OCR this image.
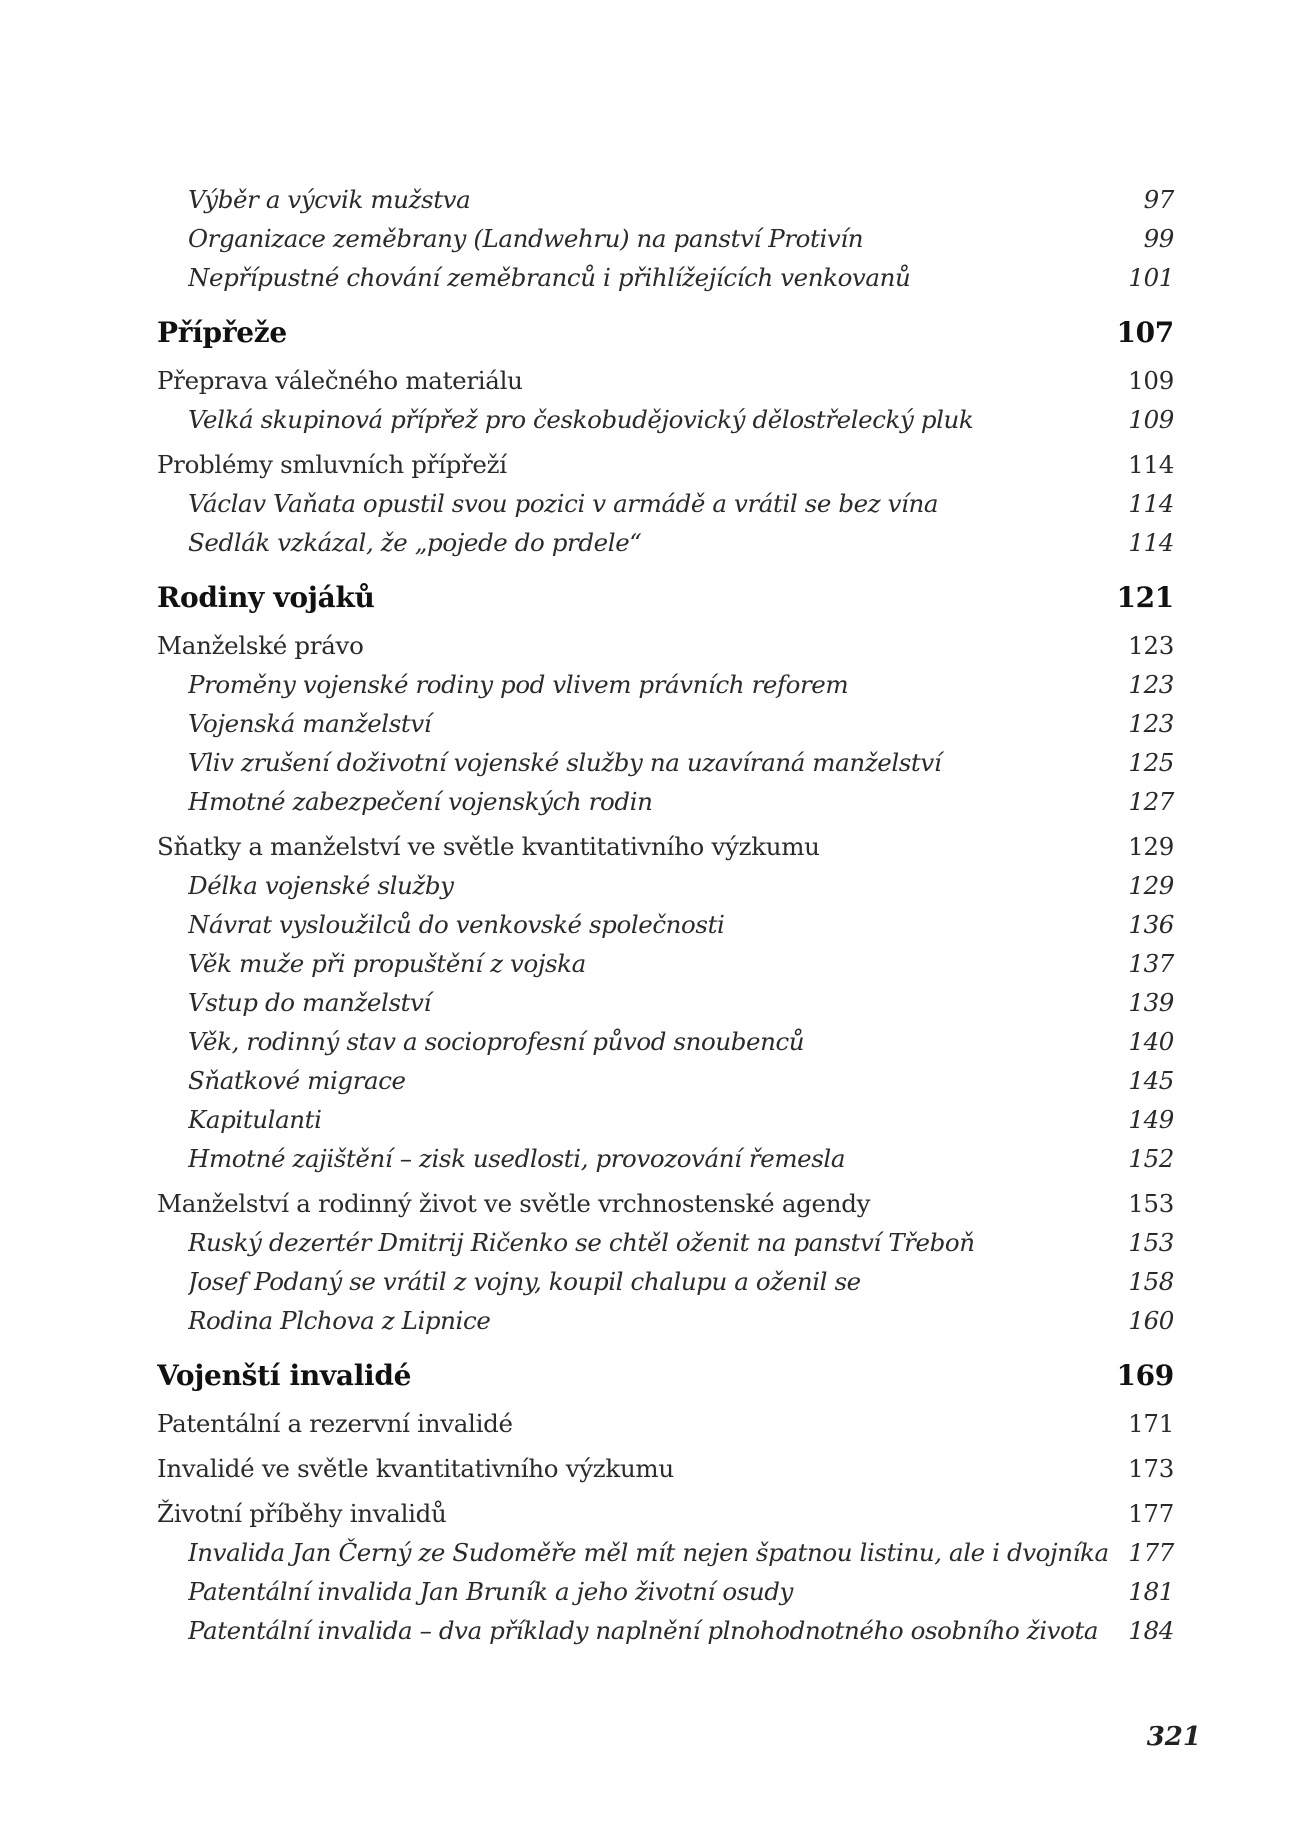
Výběr a výcvik mužstva	97
Organizace zeměbrany (Landwehru) na panství Protivín	99
Nepřípustné chování zeměbranců i přihlížejících venkovanů	101
Přípřeže	107
Přeprava válečného materiálu	109
Velká skupinová přípřež pro českobudějovický dělostřelecký pluk	109
Problémy smluvních přípřeží	114
Václav Vaňata opustil svou pozici v armádě a vrátil se bez vína	114
Sedlák vzkázal, že „pojede do prdele“	114
Rodiny vojáků	121
Manželské právo	123
Proměny vojenské rodiny pod vlivem právních reforem	123
Vojenská manželství	123
Vliv zrušení doživotní vojenské služby na uzavíraná manželství	125
Hmotné zabezpečení vojenských rodin	127
Sňatky a manželství ve světle kvantitativního výzkumu	129
Délka vojenské služby	129
Návrat vysloužilců do venkovské společnosti	136
Věk muže při propuštění z vojska	137
Vstup do manželství	139
Věk, rodinný stav a socioprofesní původ snoubenců	140
Sňatkové migrace	145
Kapitulanti	149
Hmotné zajištění – zisk usedlosti, provozování řemesla	152
Manželství a rodinný život ve světle vrchnostenské agendy	153
Ruský dezertér Dmitrij Ričenko se chtěl oženit na panství Třeboň	153
Josef Podaný se vrátil z vojny, koupil chalupu a oženil se	158
Rodina Plchova z Lipnice	160
Vojenští invalidé	169
Patentální a rezervní invalidé	171
Invalidé ve světle kvantitativního výzkumu	173
Životní příběhy invalidů	177
Invalida Jan Černý ze Sudoměře měl mít nejen špatnou listinu, ale i dvojníka 177
Patentální invalida Jan Bruník a jeho životní osudy	181
Patentální invalida – dva příklady naplnění plnohodnotného osobního života	184
321
